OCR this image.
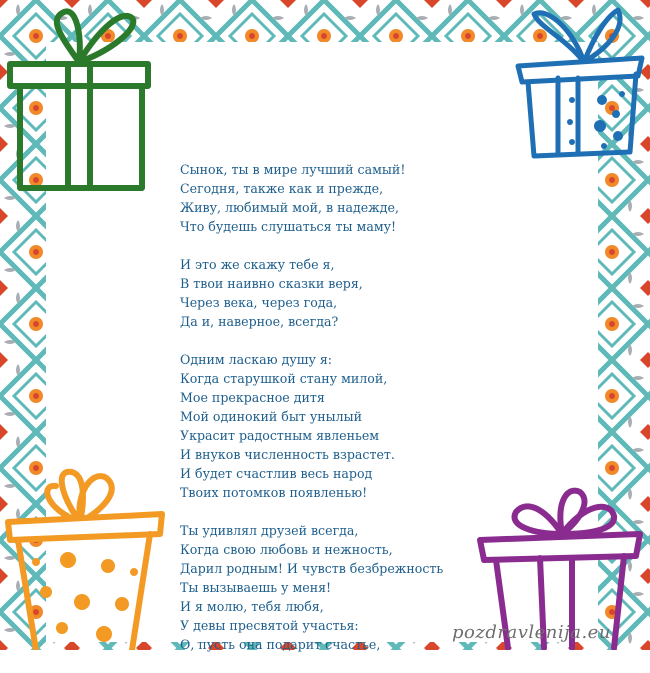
Сынок, ты в мире лучший самый!
Сегодня, также как и прежде,
Живу, любимый мой, в надежде,
Что будешь слушаться ты маму!
И это же скажу тебе я,
В твои наивно сказки веря,
Через века, через года,
Да и, наверное, всегда?
Одним ласкаю душу я:
Когда старушкой стану милой,
Мое прекрасное дитя
Мой одинокий быт унылый
Украсит радостным явленьем
И внуков численность взрастет.
И будет счастлив весь народ
Твоих потомков появленью!
Ты удивлял друзей всегда,
Когда свою любовь и нежность,
Дарил родным! И чувств безбрежность
Ты вызываешь у меня!
И я молю, тебя любя,
У девы пресвятой участья:
О, пусть она подарит счастье,
pozdravlenija.eu
